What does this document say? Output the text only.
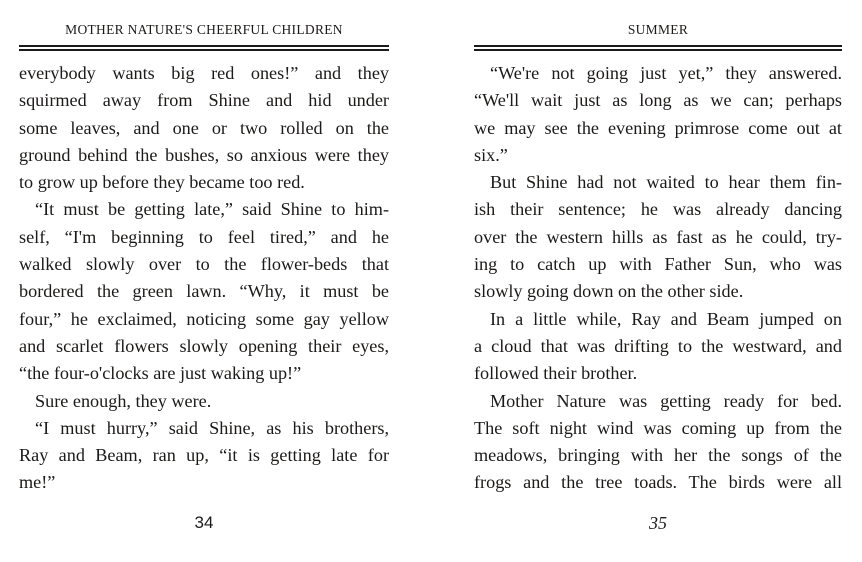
MOTHER NATURE'S CHEERFUL CHILDREN
everybody wants big red ones!” and they
squirmed away from Shine and hid under
some leaves, and one or two rolled on the
ground behind the bushes, so anxious were they
to grow up before they became too red.
“It must be getting late,” said Shine to him-
self, “I'm beginning to feel tired,” and he
walked slowly over to the flower-beds that
bordered the green lawn. “Why, it must be
four,” he exclaimed, noticing some gay yellow
and scarlet flowers slowly opening their eyes,
“the four-o'clocks are just waking up!”
Sure enough, they were.
“I must hurry,” said Shine, as his brothers,
Ray and Beam, ran up, “it is getting late for
me!”
34
SUMMER
“We're not going just yet,” they answered.
“We'll wait just as long as we can; perhaps
we may see the evening primrose come out at
six.”
But Shine had not waited to hear them fin-
ish their sentence; he was already dancing
over the western hills as fast as he could, try-
ing to catch up with Father Sun, who was
slowly going down on the other side.
In a little while, Ray and Beam jumped on
a cloud that was drifting to the westward, and
followed their brother.
Mother Nature was getting ready for bed.
The soft night wind was coming up from the
meadows, bringing with her the songs of the
frogs and the tree toads. The birds were all
35
